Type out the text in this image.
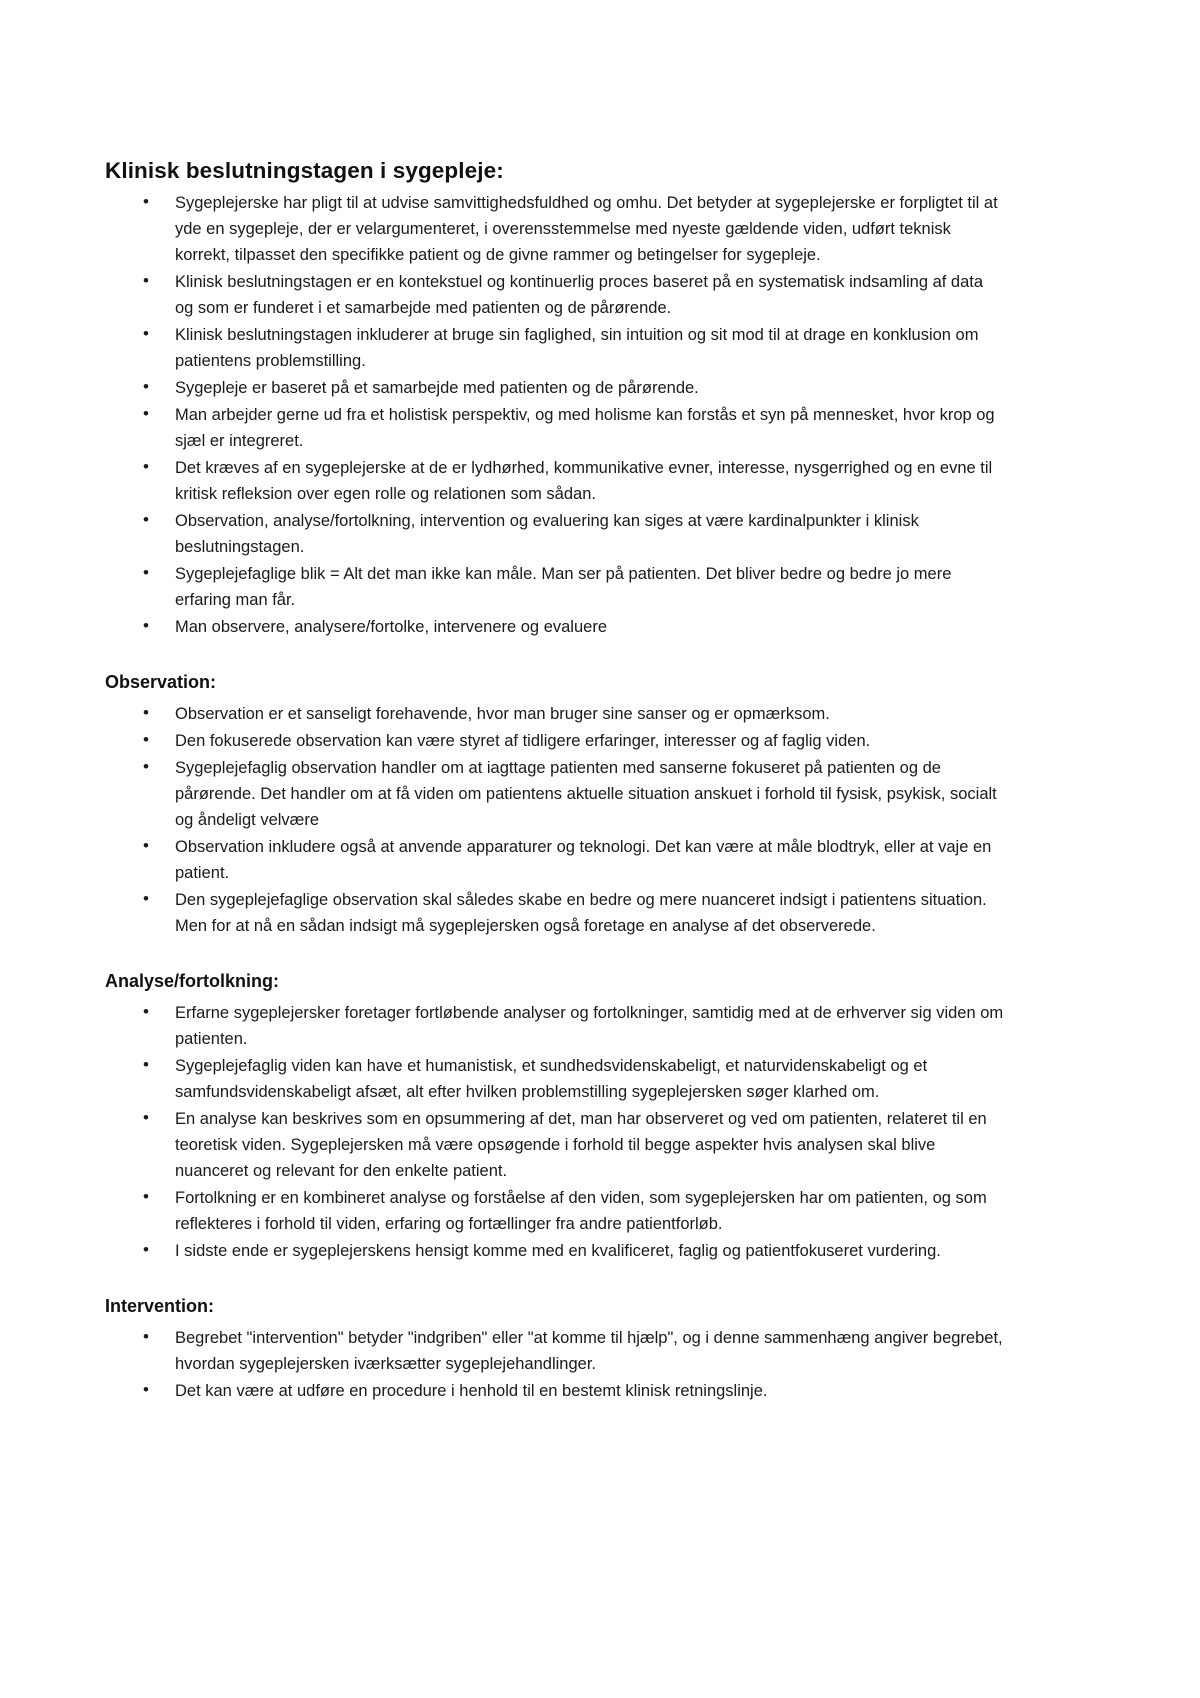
Klinisk beslutningstagen i sygepleje:
• Sygeplejerske har pligt til at udvise samvittighedsfuldhed og omhu. Det betyder at sygeplejerske er forpligtet til at yde en sygepleje, der er velargumenteret, i overensstemmelse med nyeste gældende viden, udført teknisk korrekt, tilpasset den specifikke patient og de givne rammer og betingelser for sygepleje.
• Klinisk beslutningstagen er en kontekstuel og kontinuerlig proces baseret på en systematisk indsamling af data og som er funderet i et samarbejde med patienten og de pårørende.
• Klinisk beslutningstagen inkluderer at bruge sin faglighed, sin intuition og sit mod til at drage en konklusion om patientens problemstilling.
• Sygepleje er baseret på et samarbejde med patienten og de pårørende.
• Man arbejder gerne ud fra et holistisk perspektiv, og med holisme kan forstås et syn på mennesket, hvor krop og sjæl er integreret.
• Det kræves af en sygeplejerske at de er lydhørhed, kommunikative evner, interesse, nysgerrighed og en evne til kritisk refleksion over egen rolle og relationen som sådan.
• Observation, analyse/fortolkning, intervention og evaluering kan siges at være kardinalpunkter i klinisk beslutningstagen.
• Sygeplejefaglige blik = Alt det man ikke kan måle. Man ser på patienten. Det bliver bedre og bedre jo mere erfaring man får.
• Man observere, analysere/fortolke, intervenere og evaluere
Observation:
• Observation er et sanseligt forehavende, hvor man bruger sine sanser og er opmærksom.
• Den fokuserede observation kan være styret af tidligere erfaringer, interesser og af faglig viden.
• Sygeplejefaglig observation handler om at iagttage patienten med sanserne fokuseret på patienten og de pårørende. Det handler om at få viden om patientens aktuelle situation anskuet i forhold til fysisk, psykisk, socialt og åndeligt velvære
• Observation inkludere også at anvende apparaturer og teknologi. Det kan være at måle blodtryk, eller at vaje en patient.
• Den sygeplejefaglige observation skal således skabe en bedre og mere nuanceret indsigt i patientens situation. Men for at nå en sådan indsigt må sygeplejersken også foretage en analyse af det observerede.
Analyse/fortolkning:
• Erfarne sygeplejersker foretager fortløbende analyser og fortolkninger, samtidig med at de erhverver sig viden om patienten.
• Sygeplejefaglig viden kan have et humanistisk, et sundhedsvidenskabeligt, et naturvidenskabeligt og et samfundsvidenskabeligt afsæt, alt efter hvilken problemstilling sygeplejersken søger klarhed om.
• En analyse kan beskrives som en opsummering af det, man har observeret og ved om patienten, relateret til en teoretisk viden. Sygeplejersken må være opsøgende i forhold til begge aspekter hvis analysen skal blive nuanceret og relevant for den enkelte patient.
• Fortolkning er en kombineret analyse og forståelse af den viden, som sygeplejersken har om patienten, og som reflekteres i forhold til viden, erfaring og fortællinger fra andre patientforløb.
• I sidste ende er sygeplejerskens hensigt komme med en kvalificeret, faglig og patientfokuseret vurdering.
Intervention:
• Begrebet "intervention" betyder "indgriben" eller "at komme til hjælp", og i denne sammenhæng angiver begrebet, hvordan sygeplejersken iværksætter sygeplejehandlinger.
• Det kan være at udføre en procedure i henhold til en bestemt klinisk retningslinje.
